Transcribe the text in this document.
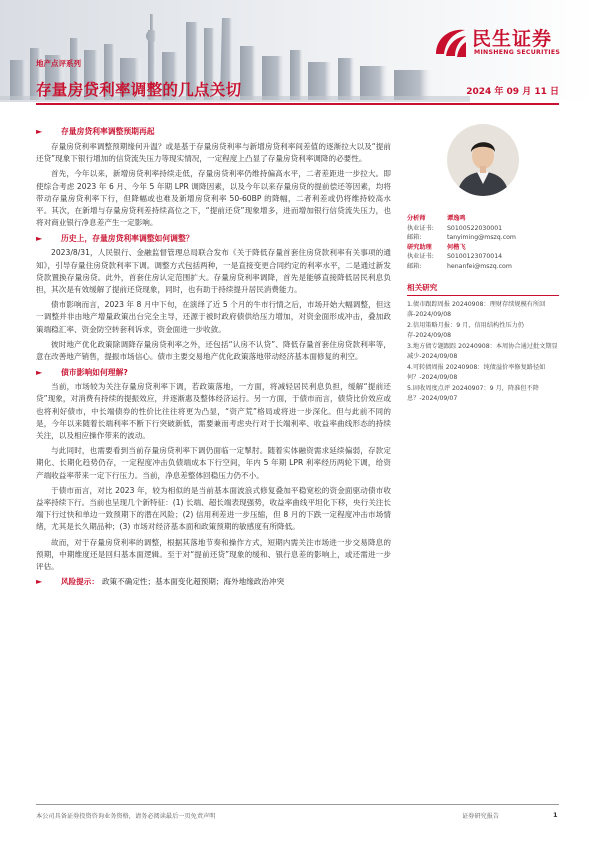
民生证券
MINSHENG SECURITIES
地产点评系列
存量房贷利率调整的几点关切	2024 年 09 月 11 日
►	存量房贷利率调整预期再起

存量房贷利率调整预期缘何升温？或是基于存量房贷利率与新增房贷利率间差值的逐渐拉大以及“提前还贷”现象下银行增加的信贷流失压力等现实情况，一定程度上凸显了存量房贷利率调降的必要性。

首先，今年以来，新增房贷利率持续走低，存量房贷利率仍维持偏高水平，二者差距进一步拉大。即使综合考虑 2023 年 6 月、今年 5 年期 LPR 调降因素，以及今年以来存量房贷的提前偿还等因素，均将带动存量房贷利率下行，但降幅或也难及新增房贷利率 50-60BP 的降幅，二者利差或仍将维持较高水平。其次，在新增与存量房贷利差持续高位之下，“提前还贷”现象增多，进而增加银行信贷流失压力，也将对商业银行净息差产生一定影响。

►	历史上，存量房贷利率调整如何调整？

2023/8/31，人民银行、金融监督管理总局联合发布《关于降低存量首套住房贷款利率有关事项的通知》，引导存量住房贷款利率下调。调整方式包括两种，一是直接变更合同约定的利率水平，二是通过新发贷款置换存量房贷。此外，首套住房认定范围扩大。存量房贷利率调降，首先是能够直接降低居民利息负担，其次是有效缓解了提前还贷现象，同时，也有助于持续提升居民消费能力。

债市影响而言，2023 年 8 月中下旬，在演绎了近 5 个月的牛市行情之后，市场开始大幅调整，但这一调整并非由地产增量政策出台完全主导，还源于被时政府债供给压力增加，对资金面形成冲击，叠加政策端稳汇率、资金防空转套利诉求，资金面进一步收敛。

彼时地产优化政策除调降存量房贷利率之外，还包括“认房不认贷”、降低存量首套住房贷款利率等，意在改善地产销售，提振市场信心。债市主要交易地产优化政策落地带动经济基本面修复的利空。

►	债市影响如何理解?

当前，市场较为关注存量房贷利率下调，若政策落地，一方面，将减轻居民利息负担，缓解“提前还贷”现象，对消费有持续的提振效应，并逐渐惠及整体经济运行。另一方面，于债市而言，债贷比价效应或也将利好债市，中长端债券的性价比往往将更为凸显，“资产荒”格局或将进一步深化。但与此前不同的是，今年以来随着长端利率不断下行突破新低，需要兼而考虑央行对于长端利率、收益率曲线形态的持续关注，以及相应操作带来的波动。

与此同时，也需要看到当前存量房贷利率下调仍面临一定掣肘。随着实体融资需求延续偏弱，存款定期化、长期化趋势仍存，一定程度冲击负债端成本下行空间，年内 5 年期 LPR 利率经历两轮下调，给资产端收益率带来一定下行压力。当前，净息差整体回稳压力仍不小。

于债市而言，对比 2023 年，较为相似的是当前基本面波浪式修复叠加平稳宽松的资金面驱动债市收益率持续下行。当前也呈现几个新特征：(1) 长端、超长端表现强势，收益率曲线平坦化下移，央行关注长端下行过快和单边一致预期下的潜在风险；(2) 信用利差进一步压缩，但 8 月的下跌一定程度冲击市场情绪，尤其是长久期品种；(3) 市场对经济基本面和政策预期的敏感度有所降低。

故而，对于存量房贷利率的调整，根据其落地节奏和操作方式，短期内需关注市场进一步交易降息的预期，中期维度还是回归基本面逻辑。至于对“提前还贷”现象的缓和、银行息差的影响上，或还需进一步评估。

►	风险提示： 政策不确定性；基本面变化超预期；海外地缘政治冲突
分析师	谭逸鸣
执业证书:	S0100522030001
邮箱:	tanyiming@mszq.com
研究助理	何楷飞
执业证书:	S0100123070014
邮箱:	henanfei@mszq.com
相关研究
1.债市跟踪周报 20240908：理财存续规模有所回落-2024/09/08
2.信用策略月报：9 月，信用结构性压力仍存-2024/09/08
3.地方债专题跟踪 20240908：本周协合通过批文期显减少-2024/09/08
4.可转债周报 20240908：纯债溢价率修复路径如何？-2024/09/08
5.固收周度点评 20240907：9 月，降准但不降息？-2024/09/07
本公司具备证券投资咨询业务资格，请务必阅读最后一页免责声明	证券研究报告	1
